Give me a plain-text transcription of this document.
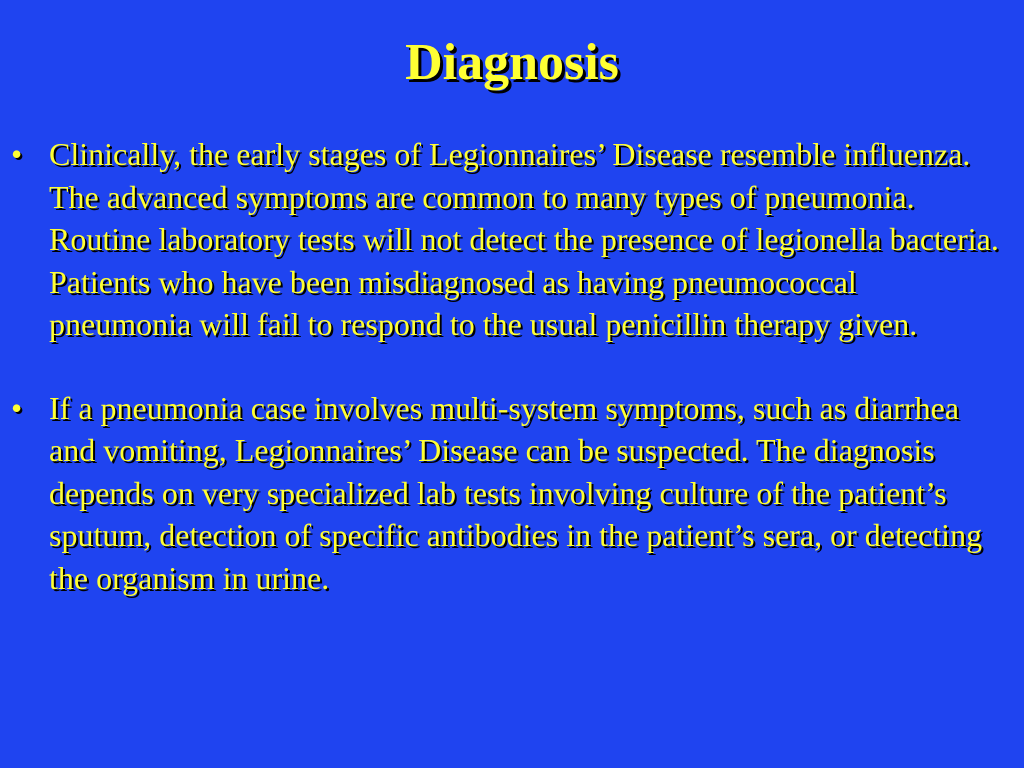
Diagnosis
• Clinically, the early stages of Legionnaires’ Disease resemble influenza. The advanced symptoms are common to many types of pneumonia. Routine laboratory tests will not detect the presence of legionella bacteria. Patients who have been misdiagnosed as having pneumococcal pneumonia will fail to respond to the usual penicillin therapy given.
• If a pneumonia case involves multi-system symptoms, such as diarrhea and vomiting, Legionnaires’ Disease can be suspected. The diagnosis depends on very specialized lab tests involving culture of the patient’s sputum, detection of specific antibodies in the patient’s sera, or detecting the organism in urine.
